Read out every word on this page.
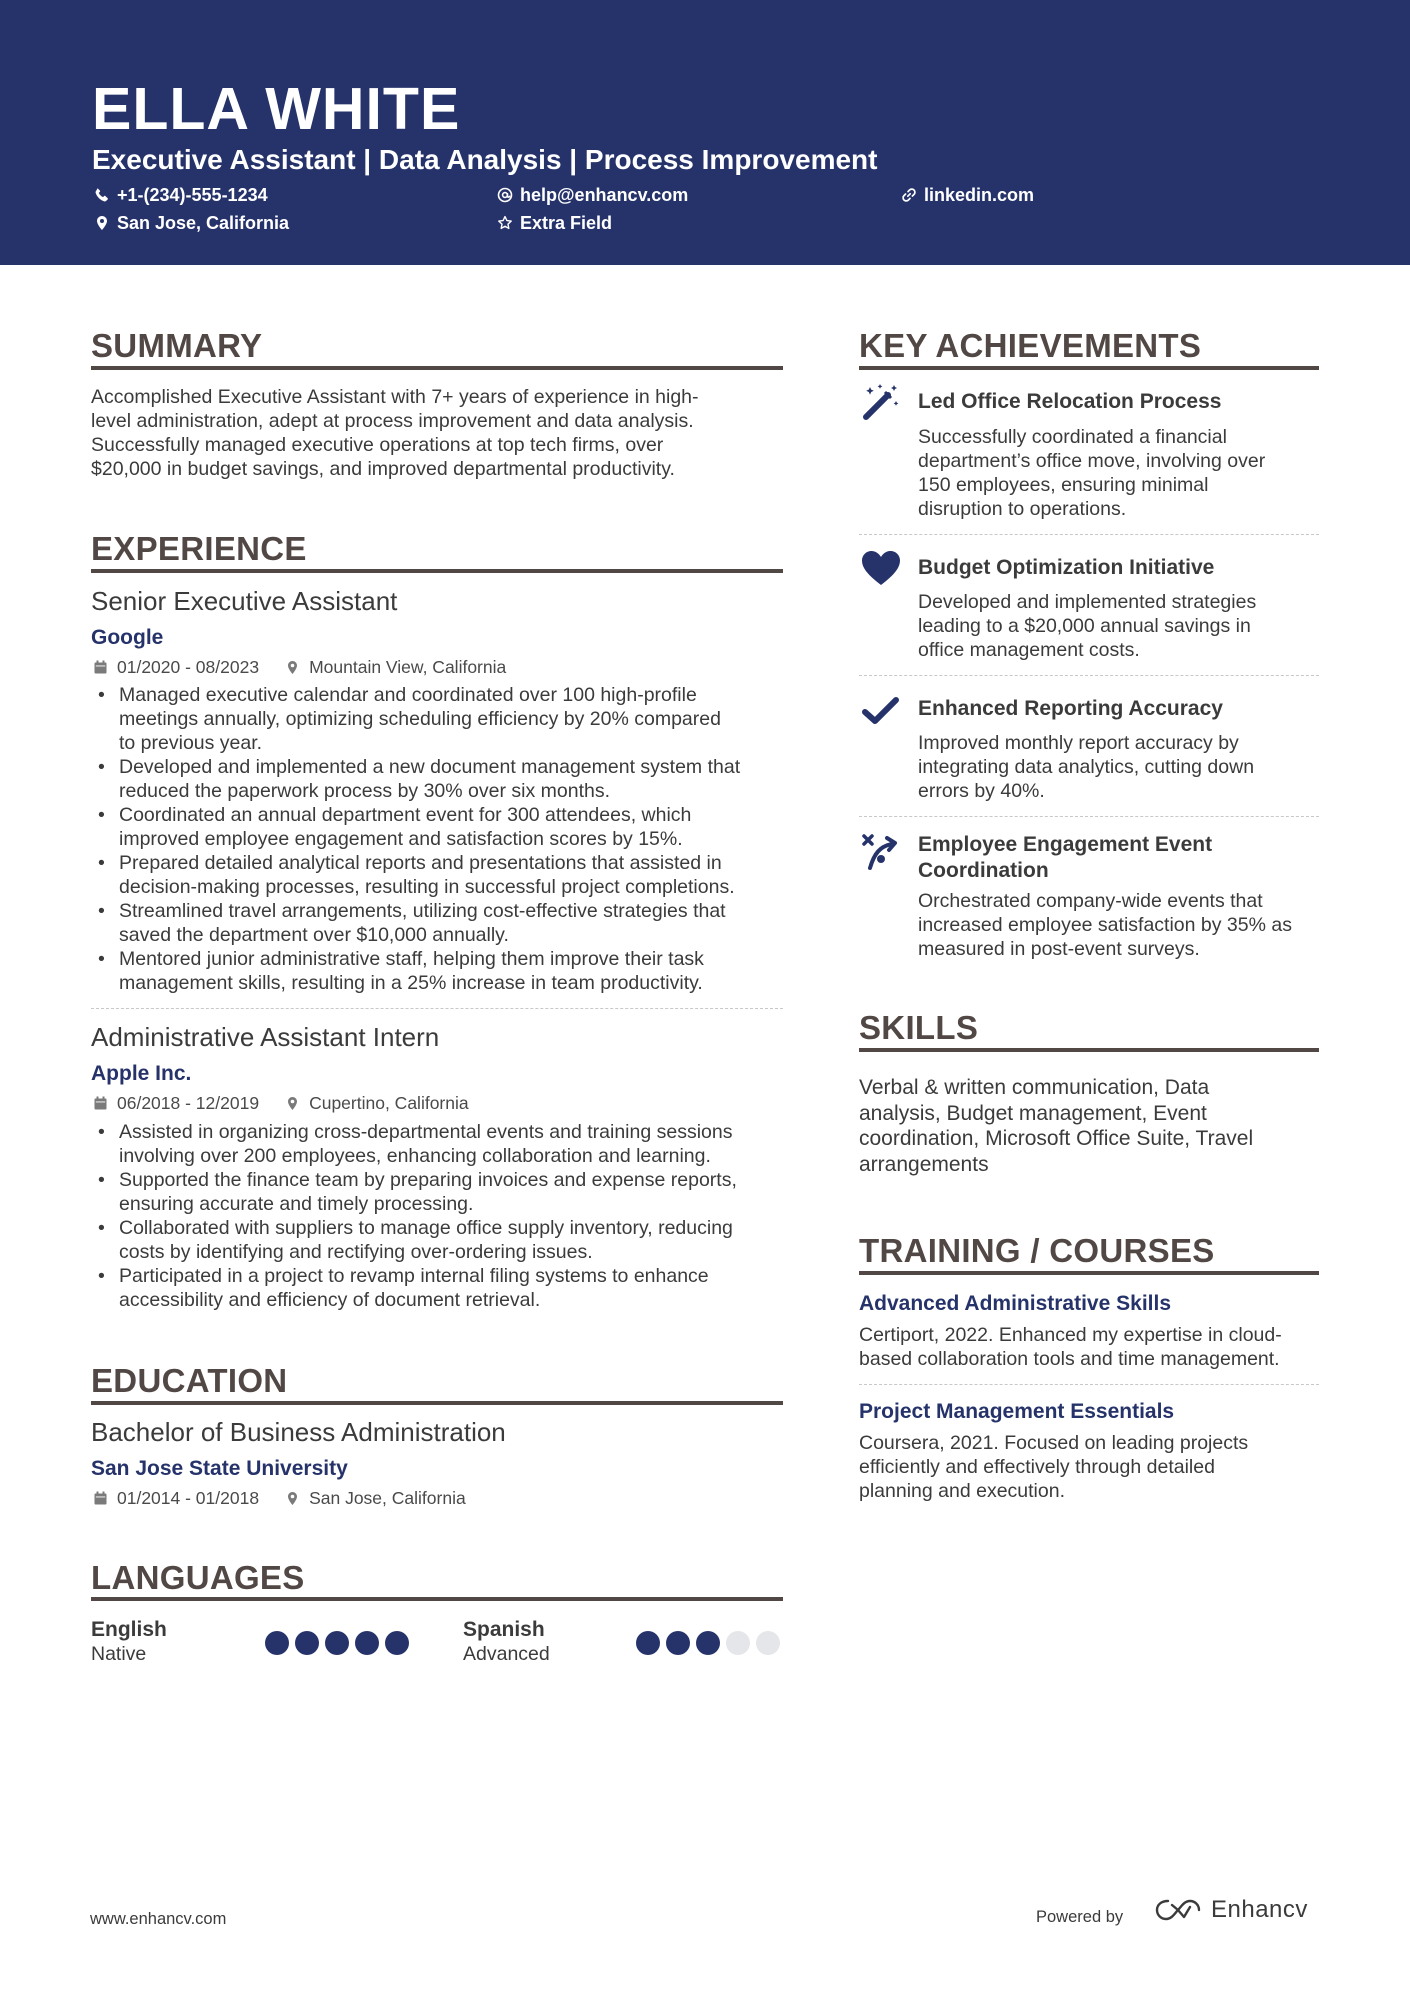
ELLA WHITE
Executive Assistant | Data Analysis | Process Improvement
+1-(234)-555-1234	help@enhancv.com	linkedin.com
San Jose, California	Extra Field
SUMMARY
Accomplished Executive Assistant with 7+ years of experience in high-
level administration, adept at process improvement and data analysis.
Successfully managed executive operations at top tech firms, over
$20,000 in budget savings, and improved departmental productivity.
EXPERIENCE
Senior Executive Assistant
Google
01/2020 - 08/2023	Mountain View, California
• Managed executive calendar and coordinated over 100 high-profile
meetings annually, optimizing scheduling efficiency by 20% compared
to previous year.
• Developed and implemented a new document management system that
reduced the paperwork process by 30% over six months.
• Coordinated an annual department event for 300 attendees, which
improved employee engagement and satisfaction scores by 15%.
• Prepared detailed analytical reports and presentations that assisted in
decision-making processes, resulting in successful project completions.
• Streamlined travel arrangements, utilizing cost-effective strategies that
saved the department over $10,000 annually.
• Mentored junior administrative staff, helping them improve their task
management skills, resulting in a 25% increase in team productivity.
Administrative Assistant Intern
Apple Inc.
06/2018 - 12/2019	Cupertino, California
• Assisted in organizing cross-departmental events and training sessions
involving over 200 employees, enhancing collaboration and learning.
• Supported the finance team by preparing invoices and expense reports,
ensuring accurate and timely processing.
• Collaborated with suppliers to manage office supply inventory, reducing
costs by identifying and rectifying over-ordering issues.
• Participated in a project to revamp internal filing systems to enhance
accessibility and efficiency of document retrieval.
EDUCATION
Bachelor of Business Administration
San Jose State University
01/2014 - 01/2018	San Jose, California
LANGUAGES
English
Native
Spanish
Advanced
KEY ACHIEVEMENTS
Led Office Relocation Process
Successfully coordinated a financial
department’s office move, involving over
150 employees, ensuring minimal
disruption to operations.
Budget Optimization Initiative
Developed and implemented strategies
leading to a $20,000 annual savings in
office management costs.
Enhanced Reporting Accuracy
Improved monthly report accuracy by
integrating data analytics, cutting down
errors by 40%.
Employee Engagement Event
Coordination
Orchestrated company-wide events that
increased employee satisfaction by 35% as
measured in post-event surveys.
SKILLS
Verbal & written communication, Data
analysis, Budget management, Event
coordination, Microsoft Office Suite, Travel
arrangements
TRAINING / COURSES
Advanced Administrative Skills
Certiport, 2022. Enhanced my expertise in cloud-
based collaboration tools and time management.
Project Management Essentials
Coursera, 2021. Focused on leading projects
efficiently and effectively through detailed
planning and execution.
www.enhancv.com	Powered by	Enhancv
